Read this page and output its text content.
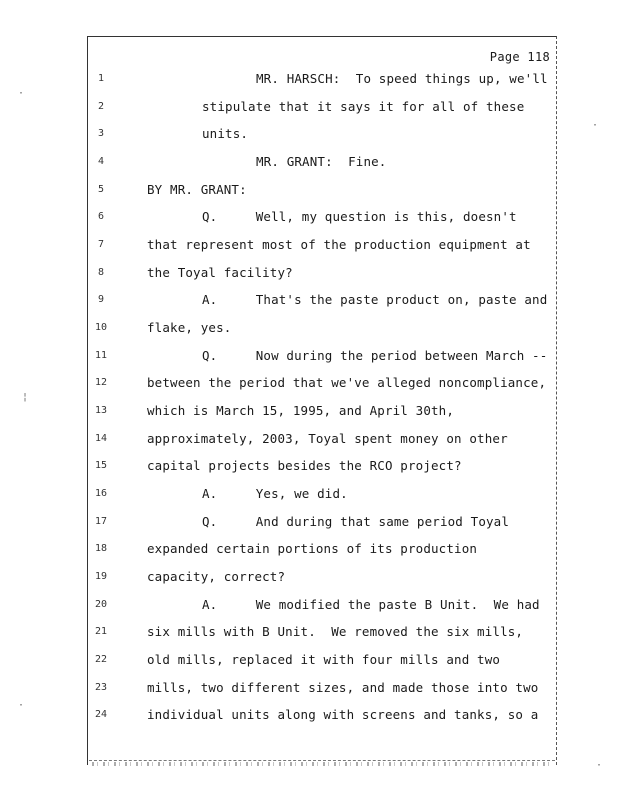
Page 118
1	MR. HARSCH:  To speed things up, we'll
2	stipulate that it says it for all of these
3	units.
4	MR. GRANT:  Fine.
5	BY MR. GRANT:
6	Q.     Well, my question is this, doesn't
7	that represent most of the production equipment at
8	the Toyal facility?
9	A.     That's the paste product on, paste and
10	flake, yes.
11	Q.     Now during the period between March --
12	between the period that we've alleged noncompliance,
13	which is March 15, 1995, and April 30th,
14	approximately, 2003, Toyal spent money on other
15	capital projects besides the RCO project?
16	A.     Yes, we did.
17	Q.     And during that same period Toyal
18	expanded certain portions of its production
19	capacity, correct?
20	A.     We modified the paste B Unit.  We had
21	six mills with B Unit.  We removed the six mills,
22	old mills, replaced it with four mills and two
23	mills, two different sizes, and made those into two
24	individual units along with screens and tanks, so a
·
¦
·
·
·
